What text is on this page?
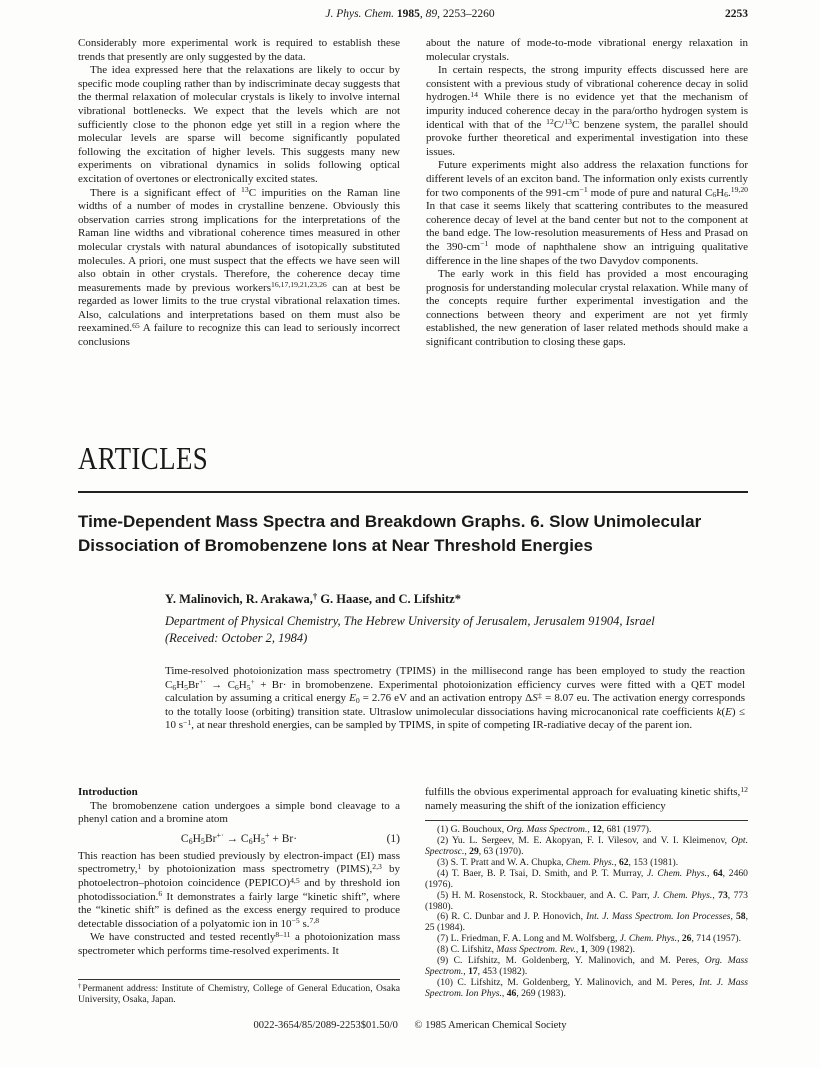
J. Phys. Chem. 1985, 89, 2253–2260	2253

Considerably more experimental work is required to establish these trends that presently are only suggested by the data.

The idea expressed here that the relaxations are likely to occur by specific mode coupling rather than by indiscriminate decay suggests that the thermal relaxation of molecular crystals is likely to involve internal vibrational bottlenecks. We expect that the levels which are not sufficiently close to the phonon edge yet still in a region where the molecular levels are sparse will become significantly populated following the excitation of higher levels. This suggests many new experiments on vibrational dynamics in solids following optical excitation of overtones or electronically excited states.

There is a significant effect of $^{13}$C impurities on the Raman line widths of a number of modes in crystalline benzene. Obviously this observation carries strong implications for the interpretations of the Raman line widths and vibrational coherence times measured in other molecular crystals with natural abundances of isotopically substituted molecules. A priori, one must suspect that the effects we have seen will also obtain in other crystals. Therefore, the coherence decay time measurements made by previous workers$^{16,17,19,21,23,26}$ can at best be regarded as lower limits to the true crystal vibrational relaxation times. Also, calculations and interpretations based on them must also be reexamined.$^{65}$ A failure to recognize this can lead to seriously incorrect conclusions

about the nature of mode-to-mode vibrational energy relaxation in molecular crystals.

In certain respects, the strong impurity effects discussed here are consistent with a previous study of vibrational coherence decay in solid hydrogen.$^{14}$ While there is no evidence yet that the mechanism of impurity induced coherence decay in the para/ortho hydrogen system is identical with that of the $^{12}$C/$^{13}$C benzene system, the parallel should provoke further theoretical and experimental investigation into these issues.

Future experiments might also address the relaxation functions for different levels of an exciton band. The information only exists currently for two components of the $991-cm^{-1}$ mode of pure and natural $C_6H_6.^{19,20}$ In that case it seems likely that scattering contributes to the measured coherence decay of level at the band center but not to the component at the band edge. The low-resolution measurements of Hess and Prasad on the $390-cm^{-1}$ mode of naphthalene show an intriguing qualitative difference in the line shapes of the two Davydov components.

The early work in this field has provided a most encouraging prognosis for understanding molecular crystal relaxation. While many of the concepts require further experimental investigation and the connections between theory and experiment are not yet firmly established, the new generation of laser related methods should make a significant contribution to closing these gaps.

ARTICLES
Time-Dependent Mass Spectra and Breakdown Graphs. 6. Slow Unimolecular Dissociation of Bromobenzene Ions at Near Threshold Energies
Y. Malinovich, R. Arakawa,† G. Haase, and C. Lifshitz*
Department of Physical Chemistry, The Hebrew University of Jerusalem, Jerusalem 91904, Israel
(Received: October 2, 1984)
Time-resolved photoionization mass spectrometry (TPIMS) in the millisecond range has been employed to study the reaction $C_6H_5Br^{+\cdot} \to C_6H_5^+ + Br\cdot$ in bromobenzene. Experimental photoionization efficiency curves were fitted with a QET model calculation by assuming a critical energy $E_0 = 2.76$ eV and an activation entropy ΔS‡ = 8.07 eu. The activation energy corresponds to the totally loose (orbiting) transition state. Ultraslow unimolecular dissociations having microcanonical rate coefficients k(E) ≤ 10 $s^{-1}$, at near threshold energies, can be sampled by TPIMS, in spite of competing IR-radiative decay of the parent ion.
Introduction

The bromobenzene cation undergoes a simple bond cleavage to a phenyl cation and a bromine atom

$C_6H_5Br^{+\cdot} \to C_6H_5^+ + Br\cdot$	(1)

This reaction has been studied previously by electron-impact (EI) mass spectrometry,$^1$ by photoionization mass spectrometry (PIMS),$^{2,3}$ by photoelectron–photoion coincidence (PEPICO)$^{4,5}$ and by threshold ion photodissociation.$^6$ It demonstrates a fairly large “kinetic shift”, where the “kinetic shift” is defined as the excess energy required to produce detectable dissociation of a polyatomic ion in $10^{-5}$ s.$^{7,8}$

We have constructed and tested recently$^{8-11}$ a photoionization mass spectrometer which performs time-resolved experiments. It

†Permanent address: Institute of Chemistry, College of General Education, Osaka University, Osaka, Japan.

fulfills the obvious experimental approach for evaluating kinetic shifts,$^{12}$ namely measuring the shift of the ionization efficiency

(1) G. Bouchoux, Org. Mass Spectrom., 12, 681 (1977).

(2) Yu. L. Sergeev, M. E. Akopyan, F. I. Vilesov, and V. I. Kleimenov, Opt. Spectrosc., 29, 63 (1970).

(3) S. T. Pratt and W. A. Chupka, Chem. Phys., 62, 153 (1981).

(4) T. Baer, B. P. Tsai, D. Smith, and P. T. Murray, J. Chem. Phys., 64, 2460 (1976).

(5) H. M. Rosenstock, R. Stockbauer, and A. C. Parr, J. Chem. Phys., 73, 773 (1980).

(6) R. C. Dunbar and J. P. Honovich, Int. J. Mass Spectrom. Ion Processes, 58, 25 (1984).

(7) L. Friedman, F. A. Long and M. Wolfsberg, J. Chem. Phys., 26, 714 (1957).

(8) C. Lifshitz, Mass Spectrom. Rev., 1, 309 (1982).

(9) C. Lifshitz, M. Goldenberg, Y. Malinovich, and M. Peres, Org. Mass Spectrom., 17, 453 (1982).

(10) C. Lifshitz, M. Goldenberg, Y. Malinovich, and M. Peres, Int. J. Mass Spectrom. Ion Phys., 46, 269 (1983).

0022-3654/85/2089-2253$01.50/0 © 1985 American Chemical Society
